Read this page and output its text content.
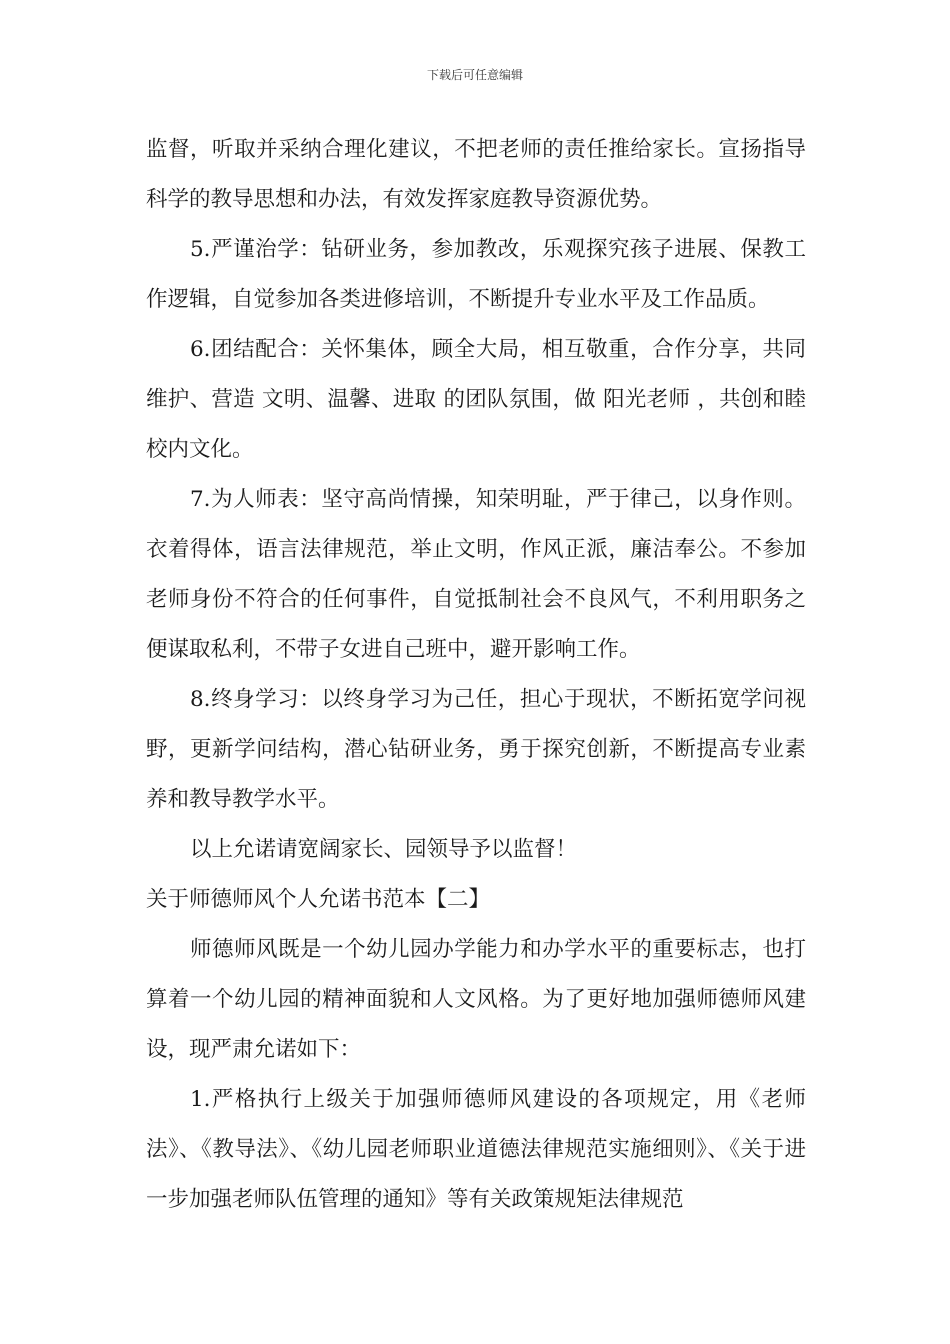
下载后可任意编辑

监督，听取并采纳合理化建议，不把老师的责任推给家长。宣扬指导科学的教导思想和办法，有效发挥家庭教导资源优势。

5.严谨治学：钻研业务，参加教改，乐观探究孩子进展、保教工作逻辑，自觉参加各类进修培训，不断提升专业水平及工作品质。

6.团结配合：关怀集体，顾全大局，相互敬重，合作分享，共同维护、营造 文明、温馨、进取 的团队氛围，做 阳光老师 ，共创和睦校内文化。

7.为人师表：坚守高尚情操，知荣明耻，严于律己，以身作则。衣着得体，语言法律规范，举止文明，作风正派，廉洁奉公。不参加老师身份不符合的任何事件，自觉抵制社会不良风气，不利用职务之便谋取私利，不带子女进自己班中，避开影响工作。

8.终身学习：以终身学习为己任，担心于现状，不断拓宽学问视野，更新学问结构，潜心钻研业务，勇于探究创新，不断提高专业素养和教导教学水平。

以上允诺请宽阔家长、园领导予以监督！

关于师德师风个人允诺书范本【二】

师德师风既是一个幼儿园办学能力和办学水平的重要标志，也打算着一个幼儿园的精神面貌和人文风格。为了更好地加强师德师风建设，现严肃允诺如下：

1.严格执行上级关于加强师德师风建设的各项规定，用《老师法》、《教导法》、《幼儿园老师职业道德法律规范实施细则》、《关于进一步加强老师队伍管理的通知》等有关政策规矩法律规范
